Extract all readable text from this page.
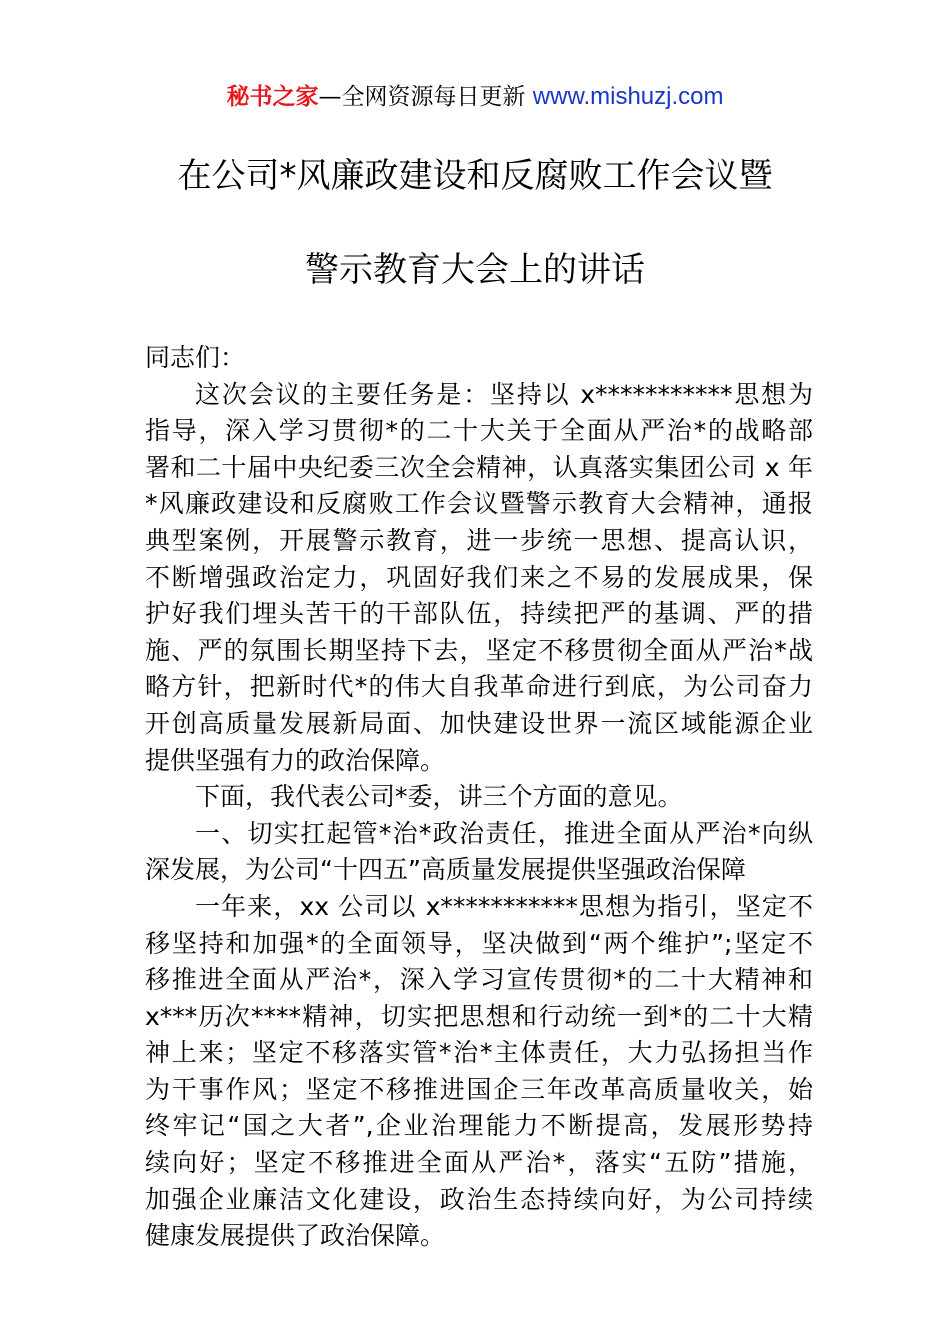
秘书之家—全网资源每日更新 www.mishuzj.com
在公司*风廉政建设和反腐败工作会议暨
警示教育大会上的讲话
同志们：
这次会议的主要任务是：坚持以 x***********思想为
指导，深入学习贯彻*的二十大关于全面从严治*的战略部
署和二十届中央纪委三次全会精神，认真落实集团公司 x 年
*风廉政建设和反腐败工作会议暨警示教育大会精神，通报
典型案例，开展警示教育，进一步统一思想、提高认识，
不断增强政治定力，巩固好我们来之不易的发展成果，保
护好我们埋头苦干的干部队伍，持续把严的基调、严的措
施、严的氛围长期坚持下去，坚定不移贯彻全面从严治*战
略方针，把新时代*的伟大自我革命进行到底，为公司奋力
开创高质量发展新局面、加快建设世界一流区域能源企业
提供坚强有力的政治保障。
下面，我代表公司*委，讲三个方面的意见。
一、切实扛起管*治*政治责任，推进全面从严治*向纵
深发展，为公司“十四五”高质量发展提供坚强政治保障
一年来，xx 公司以 x***********思想为指引，坚定不
移坚持和加强*的全面领导，坚决做到“两个维护”;坚定不
移推进全面从严治*，深入学习宣传贯彻*的二十大精神和
x***历次****精神，切实把思想和行动统一到*的二十大精
神上来；坚定不移落实管*治*主体责任，大力弘扬担当作
为干事作风；坚定不移推进国企三年改革高质量收关，始
终牢记“国之大者”,企业治理能力不断提高，发展形势持
续向好；坚定不移推进全面从严治*，落实“五防”措施，
加强企业廉洁文化建设，政治生态持续向好，为公司持续
健康发展提供了政治保障。
